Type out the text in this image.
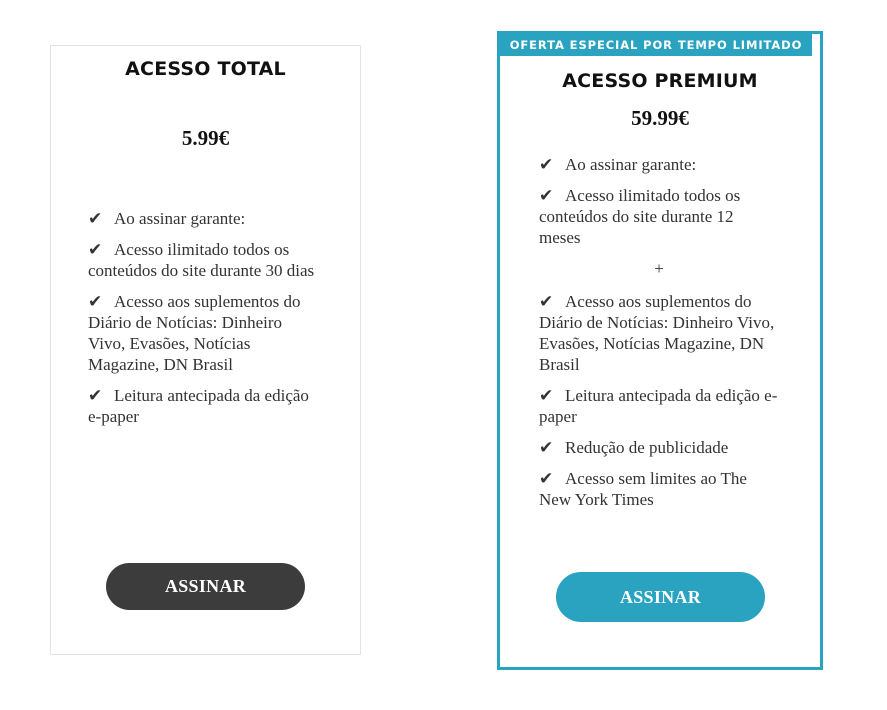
ACESSO TOTAL
5.99€
✔ Ao assinar garante:
✔ Acesso ilimitado todos os conteúdos do site durante 30 dias
✔ Acesso aos suplementos do Diário de Notícias: Dinheiro Vivo, Evasões, Notícias Magazine, DN Brasil
✔ Leitura antecipada da edição e-paper
ASSINAR
OFERTA ESPECIAL POR TEMPO LIMITADO
ACESSO PREMIUM
59.99€
✔ Ao assinar garante:
✔ Acesso ilimitado todos os conteúdos do site durante 12 meses
+
✔ Acesso aos suplementos do Diário de Notícias: Dinheiro Vivo, Evasões, Notícias Magazine, DN Brasil
✔ Leitura antecipada da edição e-paper
✔ Redução de publicidade
✔ Acesso sem limites ao The New York Times
ASSINAR
